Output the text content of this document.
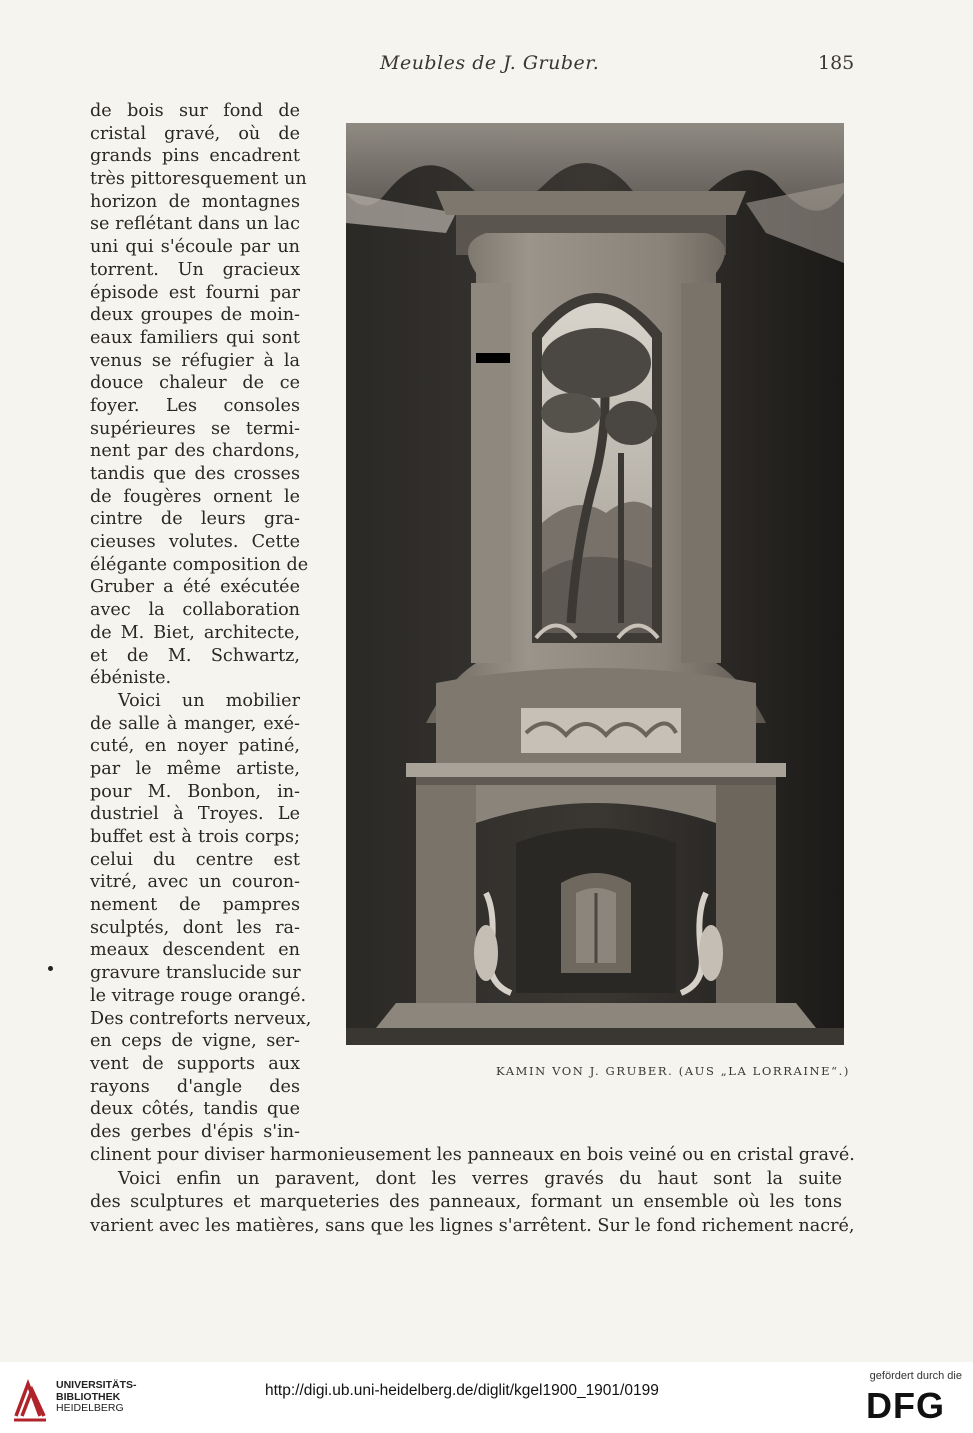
Meubles de J. Gruber.	185
de bois sur fond de
cristal gravé, où de
grands pins encadrent
très pittoresquement un
horizon de montagnes
se reflétant dans un lac
uni qui s'écoule par un
torrent. Un gracieux
épisode est fourni par
deux groupes de moin-
eaux familiers qui sont
venus se réfugier à la
douce chaleur de ce
foyer. Les consoles
supérieures se termi-
nent par des chardons,
tandis que des crosses
de fougères ornent le
cintre de leurs gra-
cieuses volutes. Cette
élégante composition de
Gruber a été exécutée
avec la collaboration
de M. Biet, architecte,
et de M. Schwartz,
ébéniste.
Voici un mobilier
de salle à manger, exé-
cuté, en noyer patiné,
par le même artiste,
pour M. Bonbon, in-
dustriel à Troyes. Le
buffet est à trois corps;
celui du centre est
vitré, avec un couron-
nement de pampres
sculptés, dont les ra-
meaux descendent en
gravure translucide sur
le vitrage rouge orangé.
Des contreforts nerveux,
en ceps de vigne, ser-
vent de supports aux
rayons d'angle des
deux côtés, tandis que
des gerbes d'épis s'in-
KAMIN VON J. GRUBER. (AUS „LA LORRAINE“.)
clinent pour diviser harmonieusement les panneaux en bois veiné ou en cristal gravé.
Voici enfin un paravent, dont les verres gravés du haut sont la suite
des sculptures et marqueteries des panneaux, formant un ensemble où les tons
varient avec les matières, sans que les lignes s'arrêtent. Sur le fond richement nacré,
UNIVERSITÄTS-
BIBLIOTHEK
HEIDELBERG
http://digi.ub.uni-heidelberg.de/diglit/kgel1900_1901/0199
gefördert durch die
DFG
